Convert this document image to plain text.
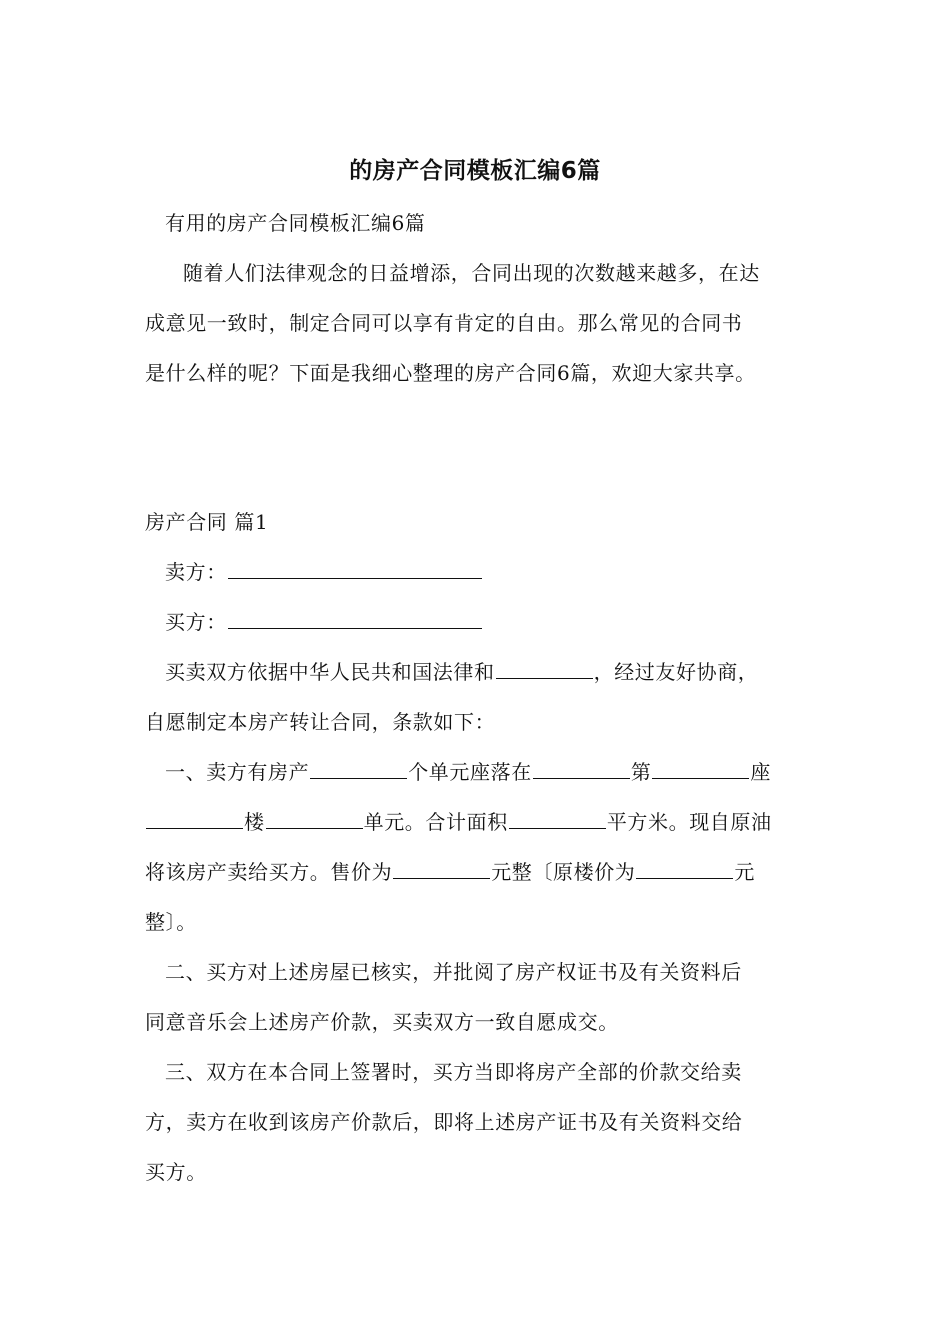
的房产合同模板汇编6篇

有用的房产合同模板汇编6篇

随着人们法律观念的日益增添，合同出现的次数越来越多，在达

成意见一致时，制定合同可以享有肯定的自由。那么常见的合同书

是什么样的呢？下面是我细心整理的房产合同6篇，欢迎大家共享。

房产合同 篇1

卖方：

买方：

买卖双方依据中华人民共和国法律和	，经过友好协商，

自愿制定本房产转让合同，条款如下：

一、卖方有房产	个单元座落在	第	座

楼	单元。合计面积	平方米。现自原油

将该房产卖给买方。售价为	元整〔原楼价为	元

整〕。

二、买方对上述房屋已核实，并批阅了房产权证书及有关资料后

同意音乐会上述房产价款，买卖双方一致自愿成交。

三、双方在本合同上签署时，买方当即将房产全部的价款交给卖

方，卖方在收到该房产价款后，即将上述房产证书及有关资料交给

买方。
